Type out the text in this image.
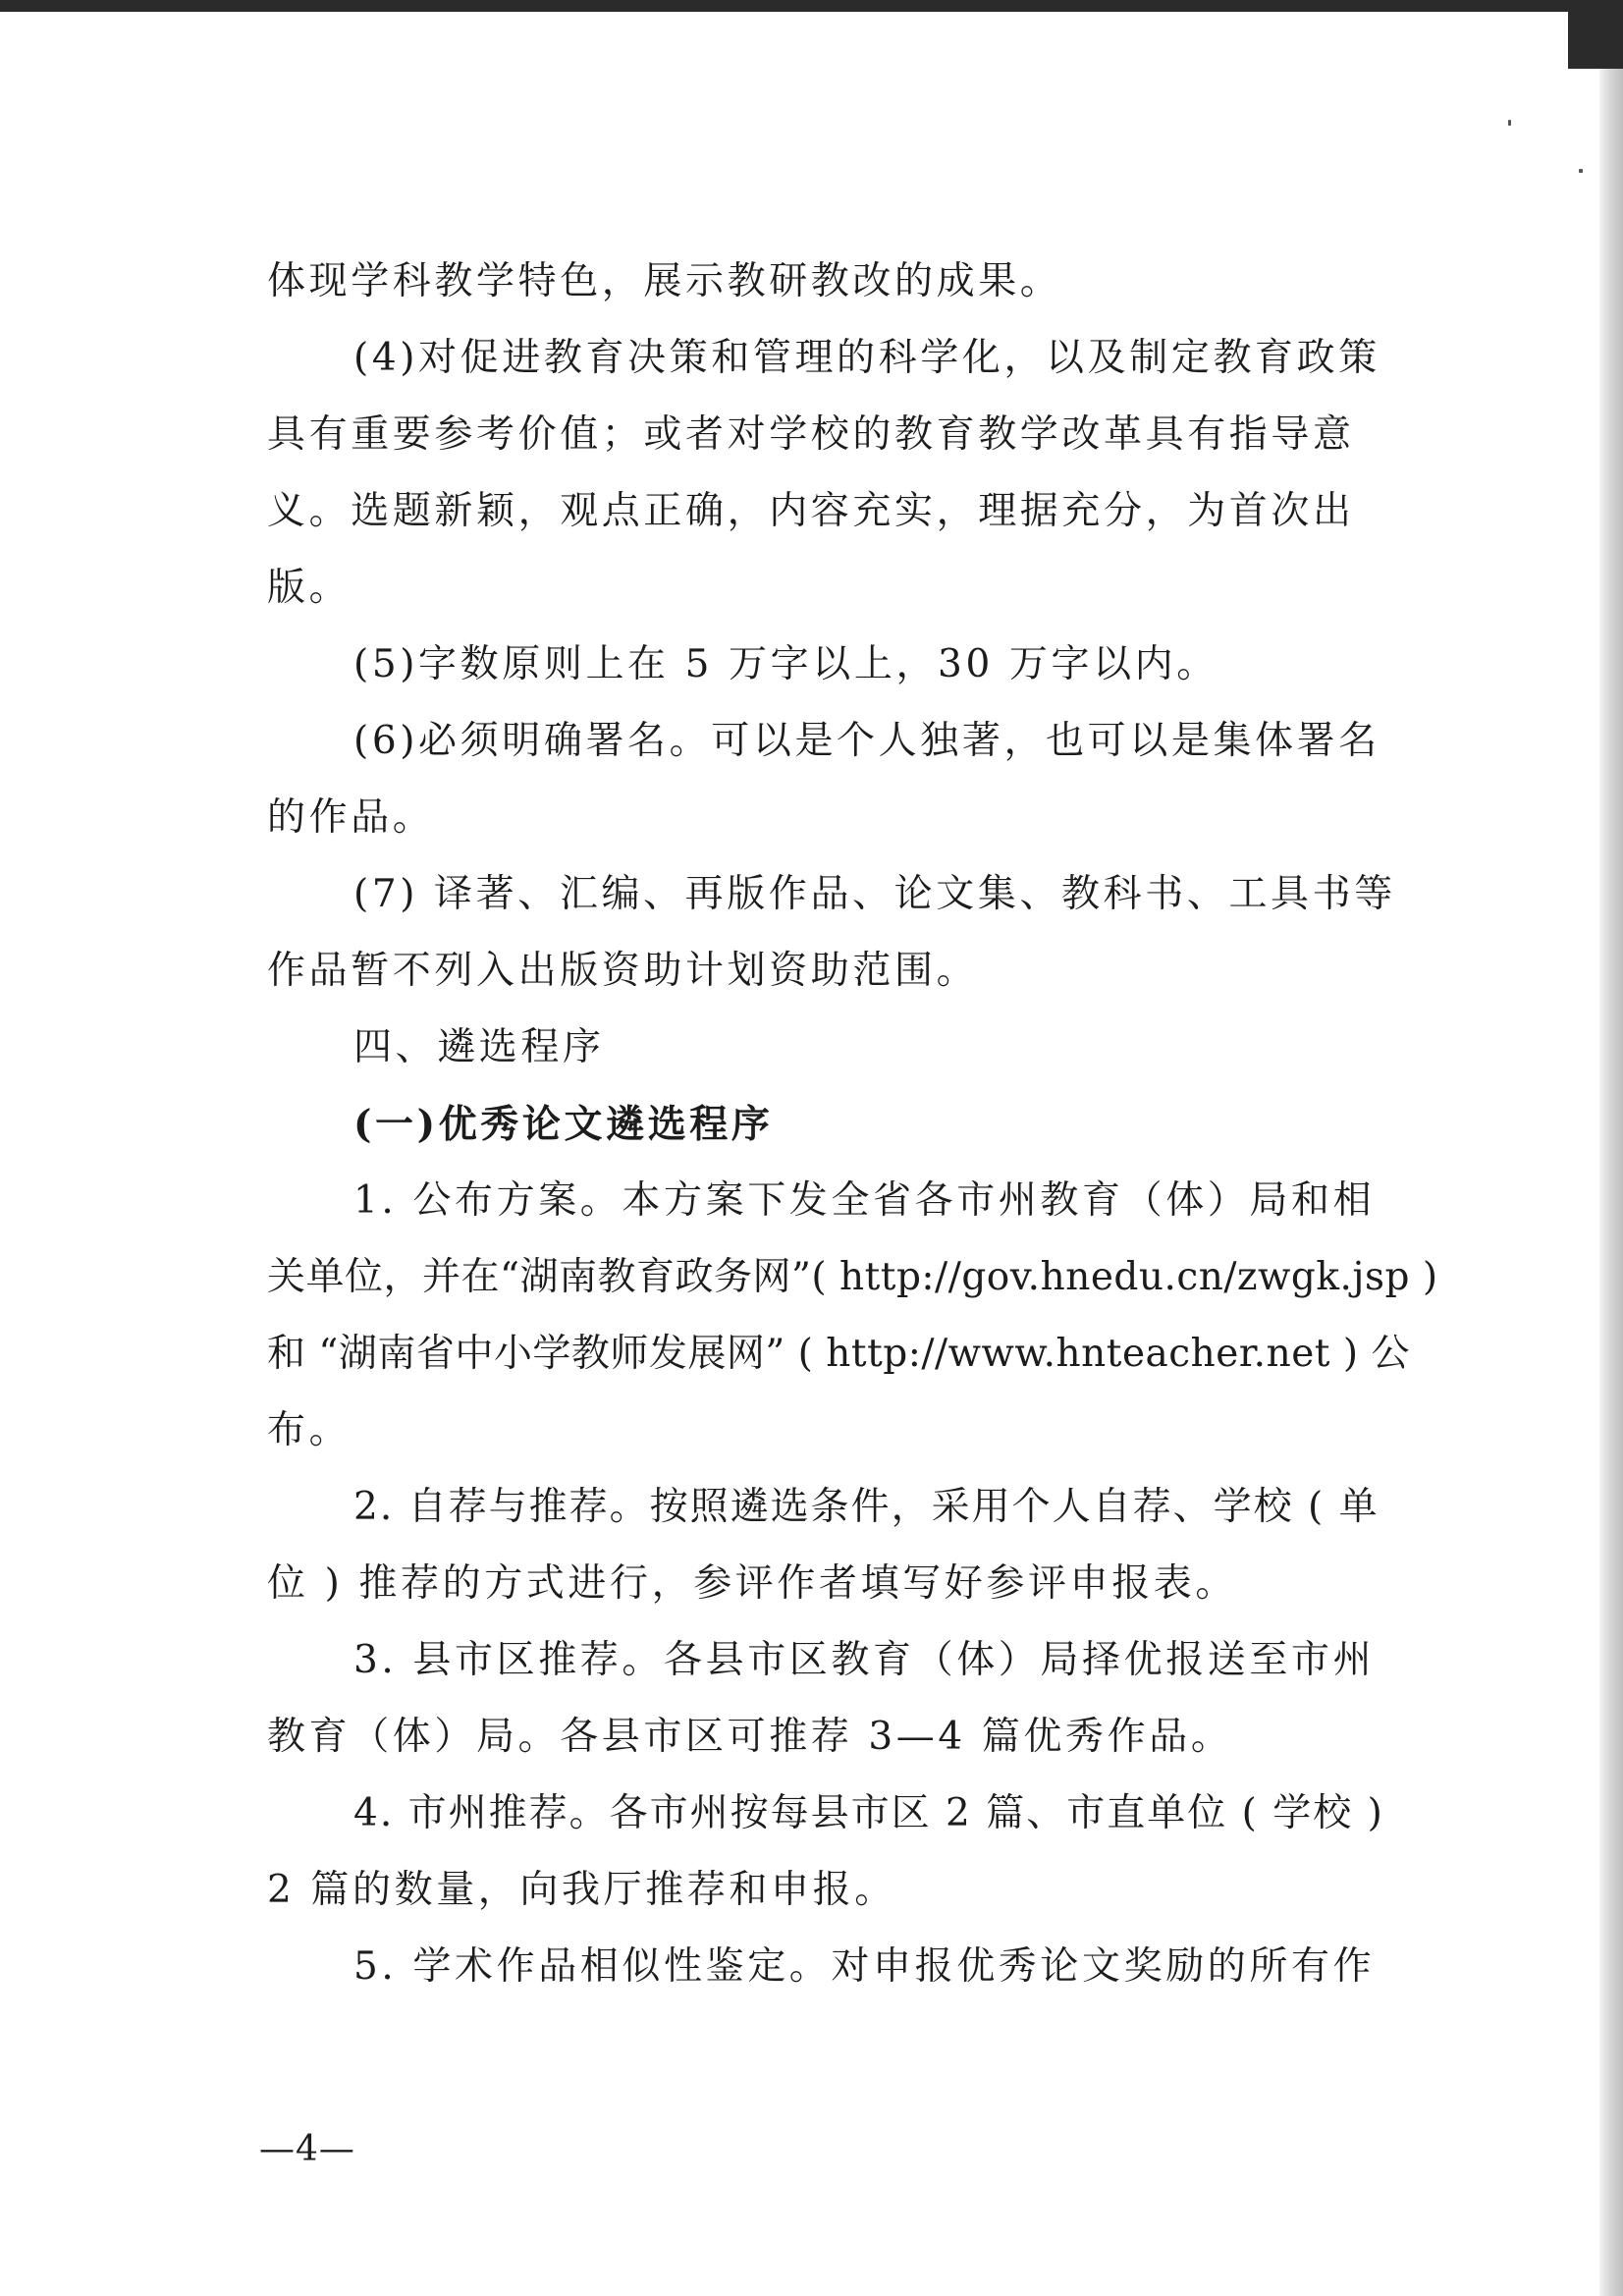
体现学科教学特色，展示教研教改的成果。
(4)对促进教育决策和管理的科学化，以及制定教育政策
具有重要参考价值；或者对学校的教育教学改革具有指导意
义。选题新颖，观点正确，内容充实，理据充分，为首次出
版。
(5)字数原则上在 5 万字以上，30 万字以内。
(6)必须明确署名。可以是个人独著，也可以是集体署名
的作品。
(7) 译著、汇编、再版作品、论文集、教科书、工具书等
作品暂不列入出版资助计划资助范围。
四、遴选程序
(一)优秀论文遴选程序
1. 公布方案。本方案下发全省各市州教育（体）局和相
关单位，并在“湖南教育政务网”( http://gov.hnedu.cn/zwgk.jsp )
和 “湖南省中小学教师发展网” ( http://www.hnteacher.net ) 公
布。
2. 自荐与推荐。按照遴选条件，采用个人自荐、学校 ( 单
位 ) 推荐的方式进行，参评作者填写好参评申报表。
3. 县市区推荐。各县市区教育（体）局择优报送至市州
教育（体）局。各县市区可推荐 3—4 篇优秀作品。
4. 市州推荐。各市州按每县市区 2 篇、市直单位 ( 学校 )
2 篇的数量，向我厅推荐和申报。
5. 学术作品相似性鉴定。对申报优秀论文奖励的所有作
—4—
